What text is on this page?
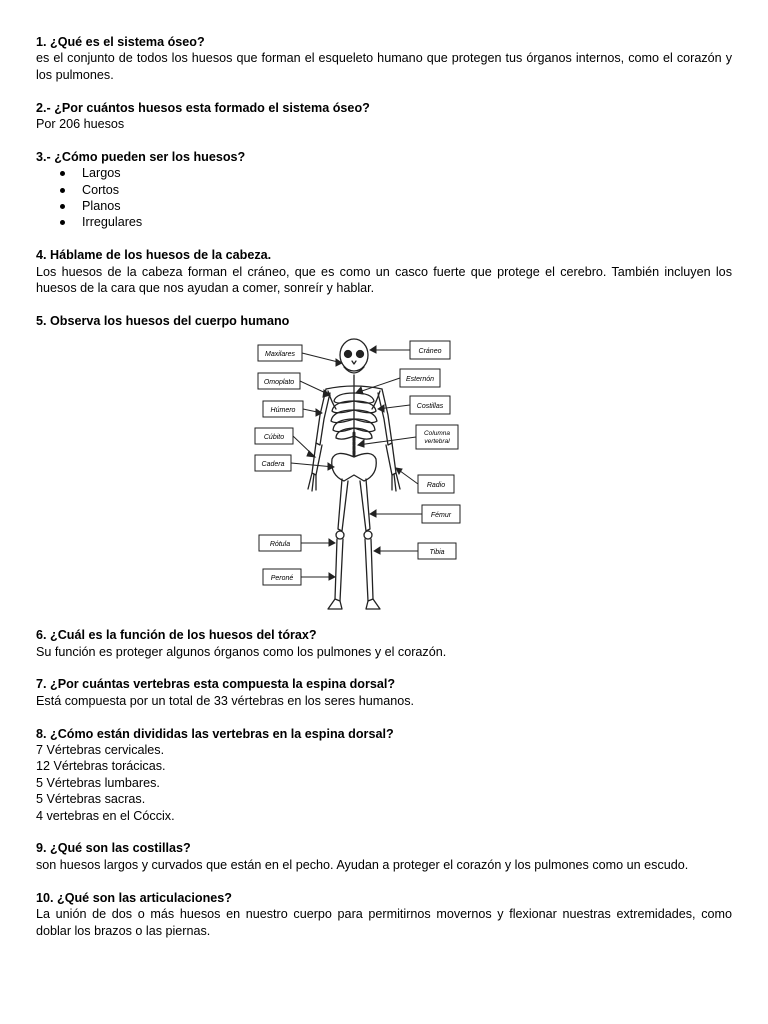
1. ¿Qué es el sistema óseo?

es el conjunto de todos los huesos que forman el esqueleto humano que protegen tus órganos internos, como el corazón y los pulmones.

2.- ¿Por cuántos huesos esta formado el sistema óseo?

Por 206 huesos

3.- ¿Cómo pueden ser los huesos?

Largos
Cortos
Planos
Irregulares

4. Háblame de los huesos de la cabeza.

Los huesos de la cabeza forman el cráneo, que es como un casco fuerte que protege el cerebro. También incluyen los huesos de la cara que nos ayudan a comer, sonreír y hablar.

5. Observa los huesos del cuerpo humano

Maxilares
Omoplato
Húmero
Cúbito
Cadera
Rótula
Peroné
Cráneo
Esternón
Costillas
Columna vertebral
Radio
Fémur
Tibia

6. ¿Cuál es la función de los huesos del tórax?

Su función es proteger algunos órganos como los pulmones y el corazón.

7. ¿Por cuántas vertebras esta compuesta la espina dorsal?

Está compuesta por un total de 33 vértebras en los seres humanos.

8. ¿Cómo están divididas las vertebras en la espina dorsal?

7 Vértebras cervicales.

12 Vértebras torácicas.

5 Vértebras lumbares.

5 Vértebras sacras.

4 vertebras en el Cóccix.

9. ¿Qué son las costillas?

son huesos largos y curvados que están en el pecho. Ayudan a proteger el corazón y los pulmones como un escudo.

10. ¿Qué son las articulaciones?

La unión de dos o más huesos en nuestro cuerpo para permitirnos movernos y flexionar nuestras extremidades, como doblar los brazos o las piernas.
